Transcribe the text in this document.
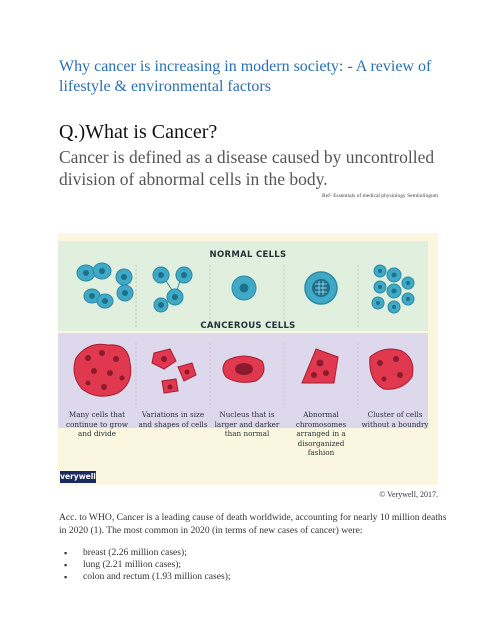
Why cancer is increasing in modern society: - A review of lifestyle & environmental factors
Q.)What is Cancer?

Cancer is defined as a disease caused by uncontrolled division of abnormal cells in the body.

Ref- Essentials of medical physiology Sembulingum
NORMAL CELLS
CANCEROUS CELLS
Many cells that continue to grow and divide
Variations in size and shapes of cells
Nucleus that is larger and darker than normal
Abnormal chromosomes arranged in a disorganized fashion
Cluster of cells without a boundry
verywell
© Verywell, 2017.

Acc. to WHO, Cancer is a leading cause of death worldwide, accounting for nearly 10 million deaths in 2020 (1). The most common in 2020 (in terms of new cases of cancer) were:

▪ breast (2.26 million cases);
▪ lung (2.21 million cases);
▪ colon and rectum (1.93 million cases);
